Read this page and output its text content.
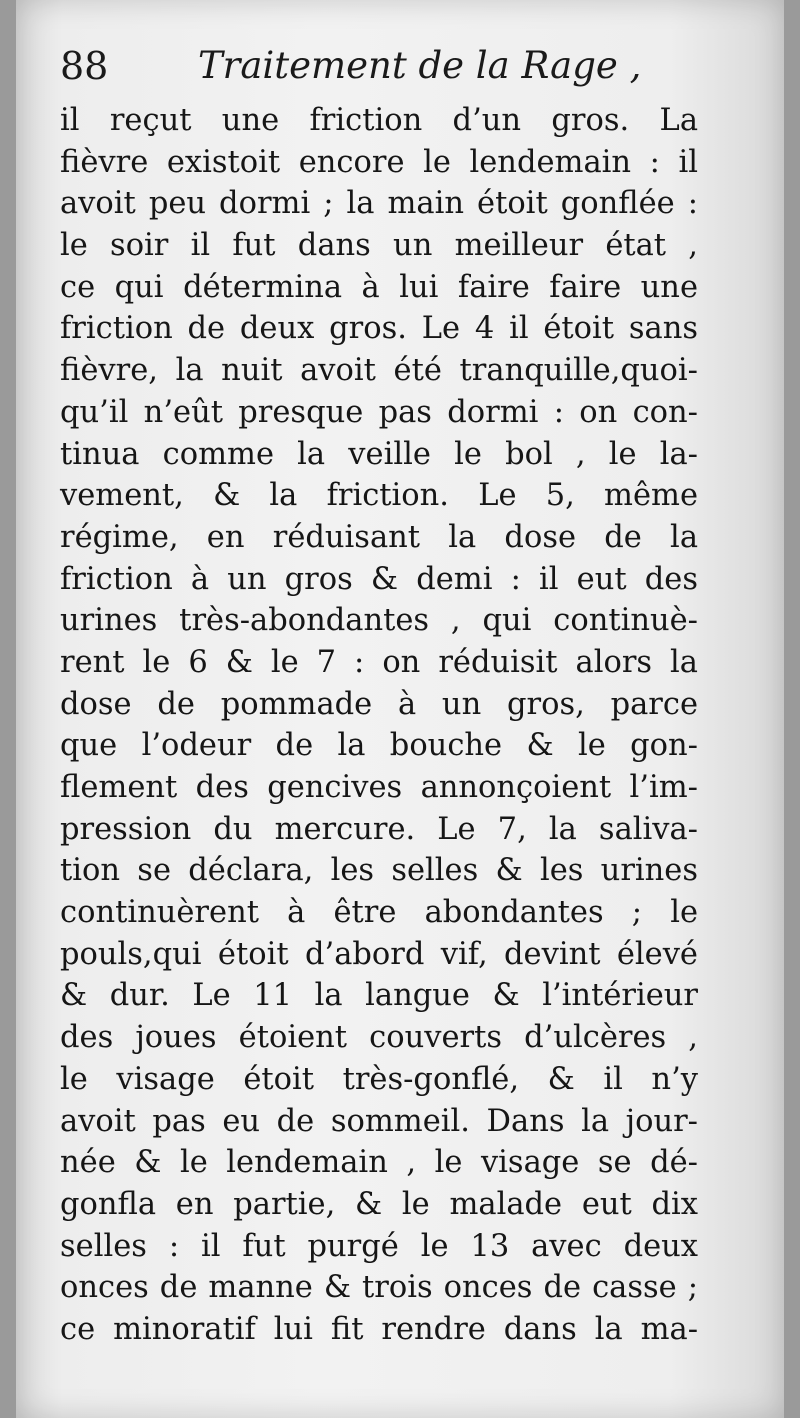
88 Traitement de la Rage ,
il reçut une friction d’un gros. La
fièvre existoit encore le lendemain : il
avoit peu dormi ; la main étoit gonflée :
le soir il fut dans un meilleur état ,
ce qui détermina à lui faire faire une
friction de deux gros. Le 4 il étoit sans
fièvre, la nuit avoit été tranquille,quoi-
qu’il n’eût presque pas dormi : on con-
tinua comme la veille le bol , le la-
vement, & la friction. Le 5, même
régime, en réduisant la dose de la
friction à un gros & demi : il eut des
urines très-abondantes , qui continuè-
rent le 6 & le 7 : on réduisit alors la
dose de pommade à un gros, parce
que l’odeur de la bouche & le gon-
flement des gencives annonçoient l’im-
pression du mercure. Le 7, la saliva-
tion se déclara, les selles & les urines
continuèrent à être abondantes ; le
pouls,qui étoit d’abord vif, devint élevé
& dur. Le 11 la langue & l’intérieur
des joues étoient couverts d’ulcères ,
le visage étoit très-gonflé, & il n’y
avoit pas eu de sommeil. Dans la jour-
née & le lendemain , le visage se dé-
gonfla en partie, & le malade eut dix
selles : il fut purgé le 13 avec deux
onces de manne & trois onces de casse ;
ce minoratif lui fit rendre dans la ma-
